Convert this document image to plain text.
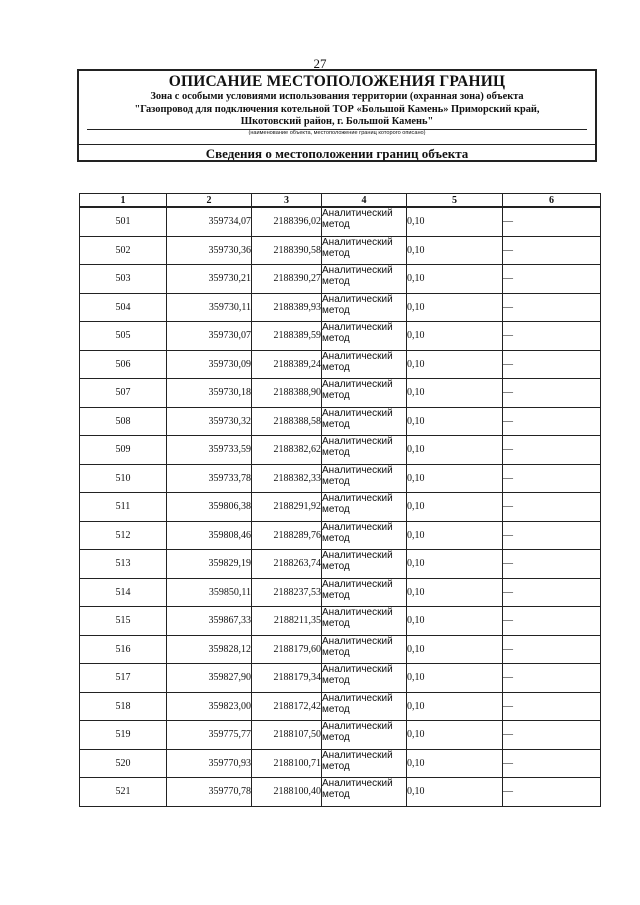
27
ОПИСАНИЕ МЕСТОПОЛОЖЕНИЯ ГРАНИЦ
Зона с особыми условиями использования территории (охранная зона) объекта
"Газопровод для подключения котельной ТОР «Большой Камень» Приморский край,
Шкотовский район, г. Большой Камень"
(наименование объекта, местоположение границ которого описано)
Сведения о местоположении границ объекта
1	2	3	4	5	6
501	359734,07	2188396,02	Аналитический метод	0,10	—
502	359730,36	2188390,58	Аналитический метод	0,10	—
503	359730,21	2188390,27	Аналитический метод	0,10	—
504	359730,11	2188389,93	Аналитический метод	0,10	—
505	359730,07	2188389,59	Аналитический метод	0,10	—
506	359730,09	2188389,24	Аналитический метод	0,10	—
507	359730,18	2188388,90	Аналитический метод	0,10	—
508	359730,32	2188388,58	Аналитический метод	0,10	—
509	359733,59	2188382,62	Аналитический метод	0,10	—
510	359733,78	2188382,33	Аналитический метод	0,10	—
511	359806,38	2188291,92	Аналитический метод	0,10	—
512	359808,46	2188289,76	Аналитический метод	0,10	—
513	359829,19	2188263,74	Аналитический метод	0,10	—
514	359850,11	2188237,53	Аналитический метод	0,10	—
515	359867,33	2188211,35	Аналитический метод	0,10	—
516	359828,12	2188179,60	Аналитический метод	0,10	—
517	359827,90	2188179,34	Аналитический метод	0,10	—
518	359823,00	2188172,42	Аналитический метод	0,10	—
519	359775,77	2188107,50	Аналитический метод	0,10	—
520	359770,93	2188100,71	Аналитический метод	0,10	—
521	359770,78	2188100,40	Аналитический метод	0,10	—
